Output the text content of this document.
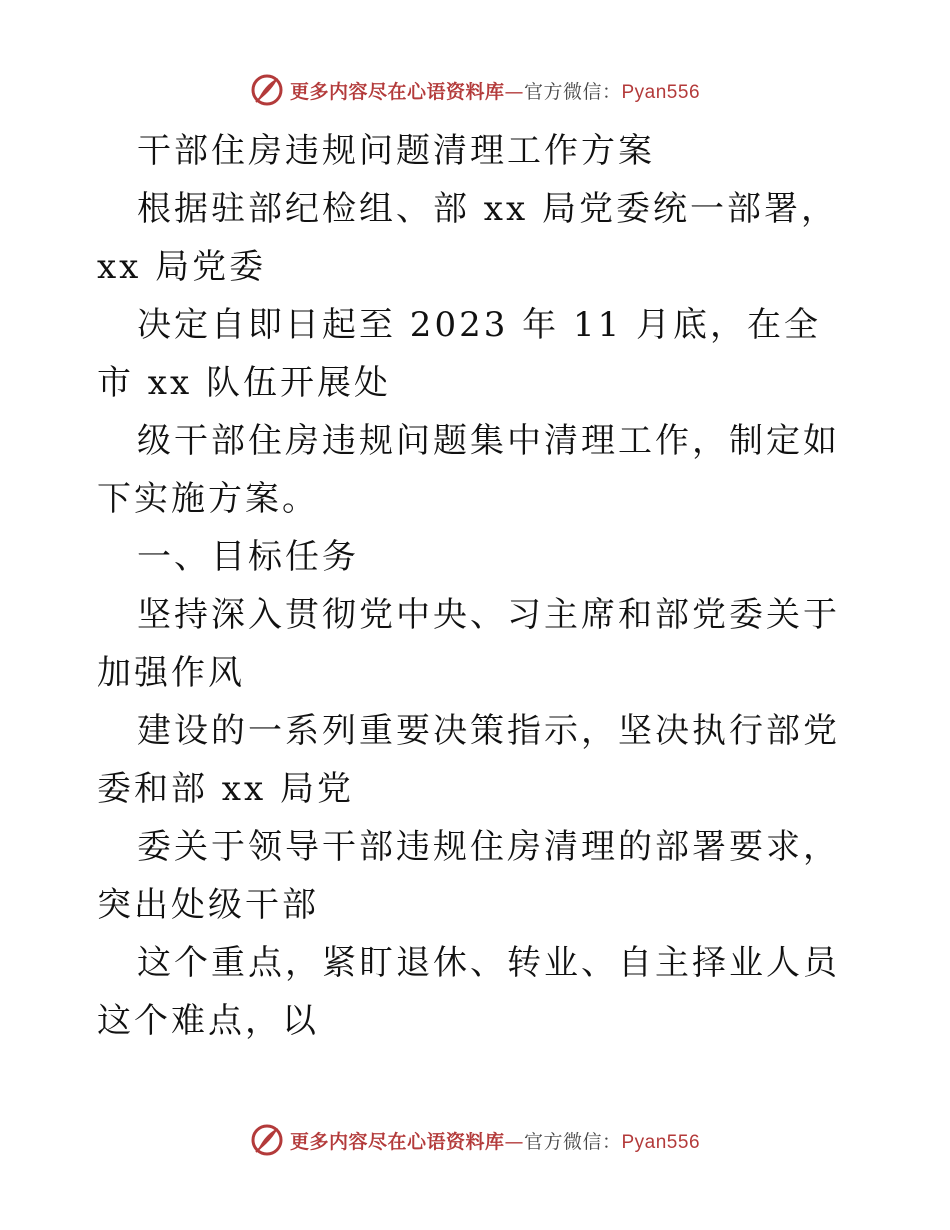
更多内容尽在心语资料库—官方微信：Pyan556

干部住房违规问题清理工作方案

根据驻部纪检组、部 xx 局党委统一部署，xx 局党委

决定自即日起至 2023 年 11 月底，在全市 xx 队伍开展处

级干部住房违规问题集中清理工作，制定如下实施方案。

一、目标任务

坚持深入贯彻党中央、习主席和部党委关于加强作风

建设的一系列重要决策指示，坚决执行部党委和部 xx 局党

委关于领导干部违规住房清理的部署要求，突出处级干部

这个重点，紧盯退休、转业、自主择业人员这个难点，以

更多内容尽在心语资料库—官方微信：Pyan556
